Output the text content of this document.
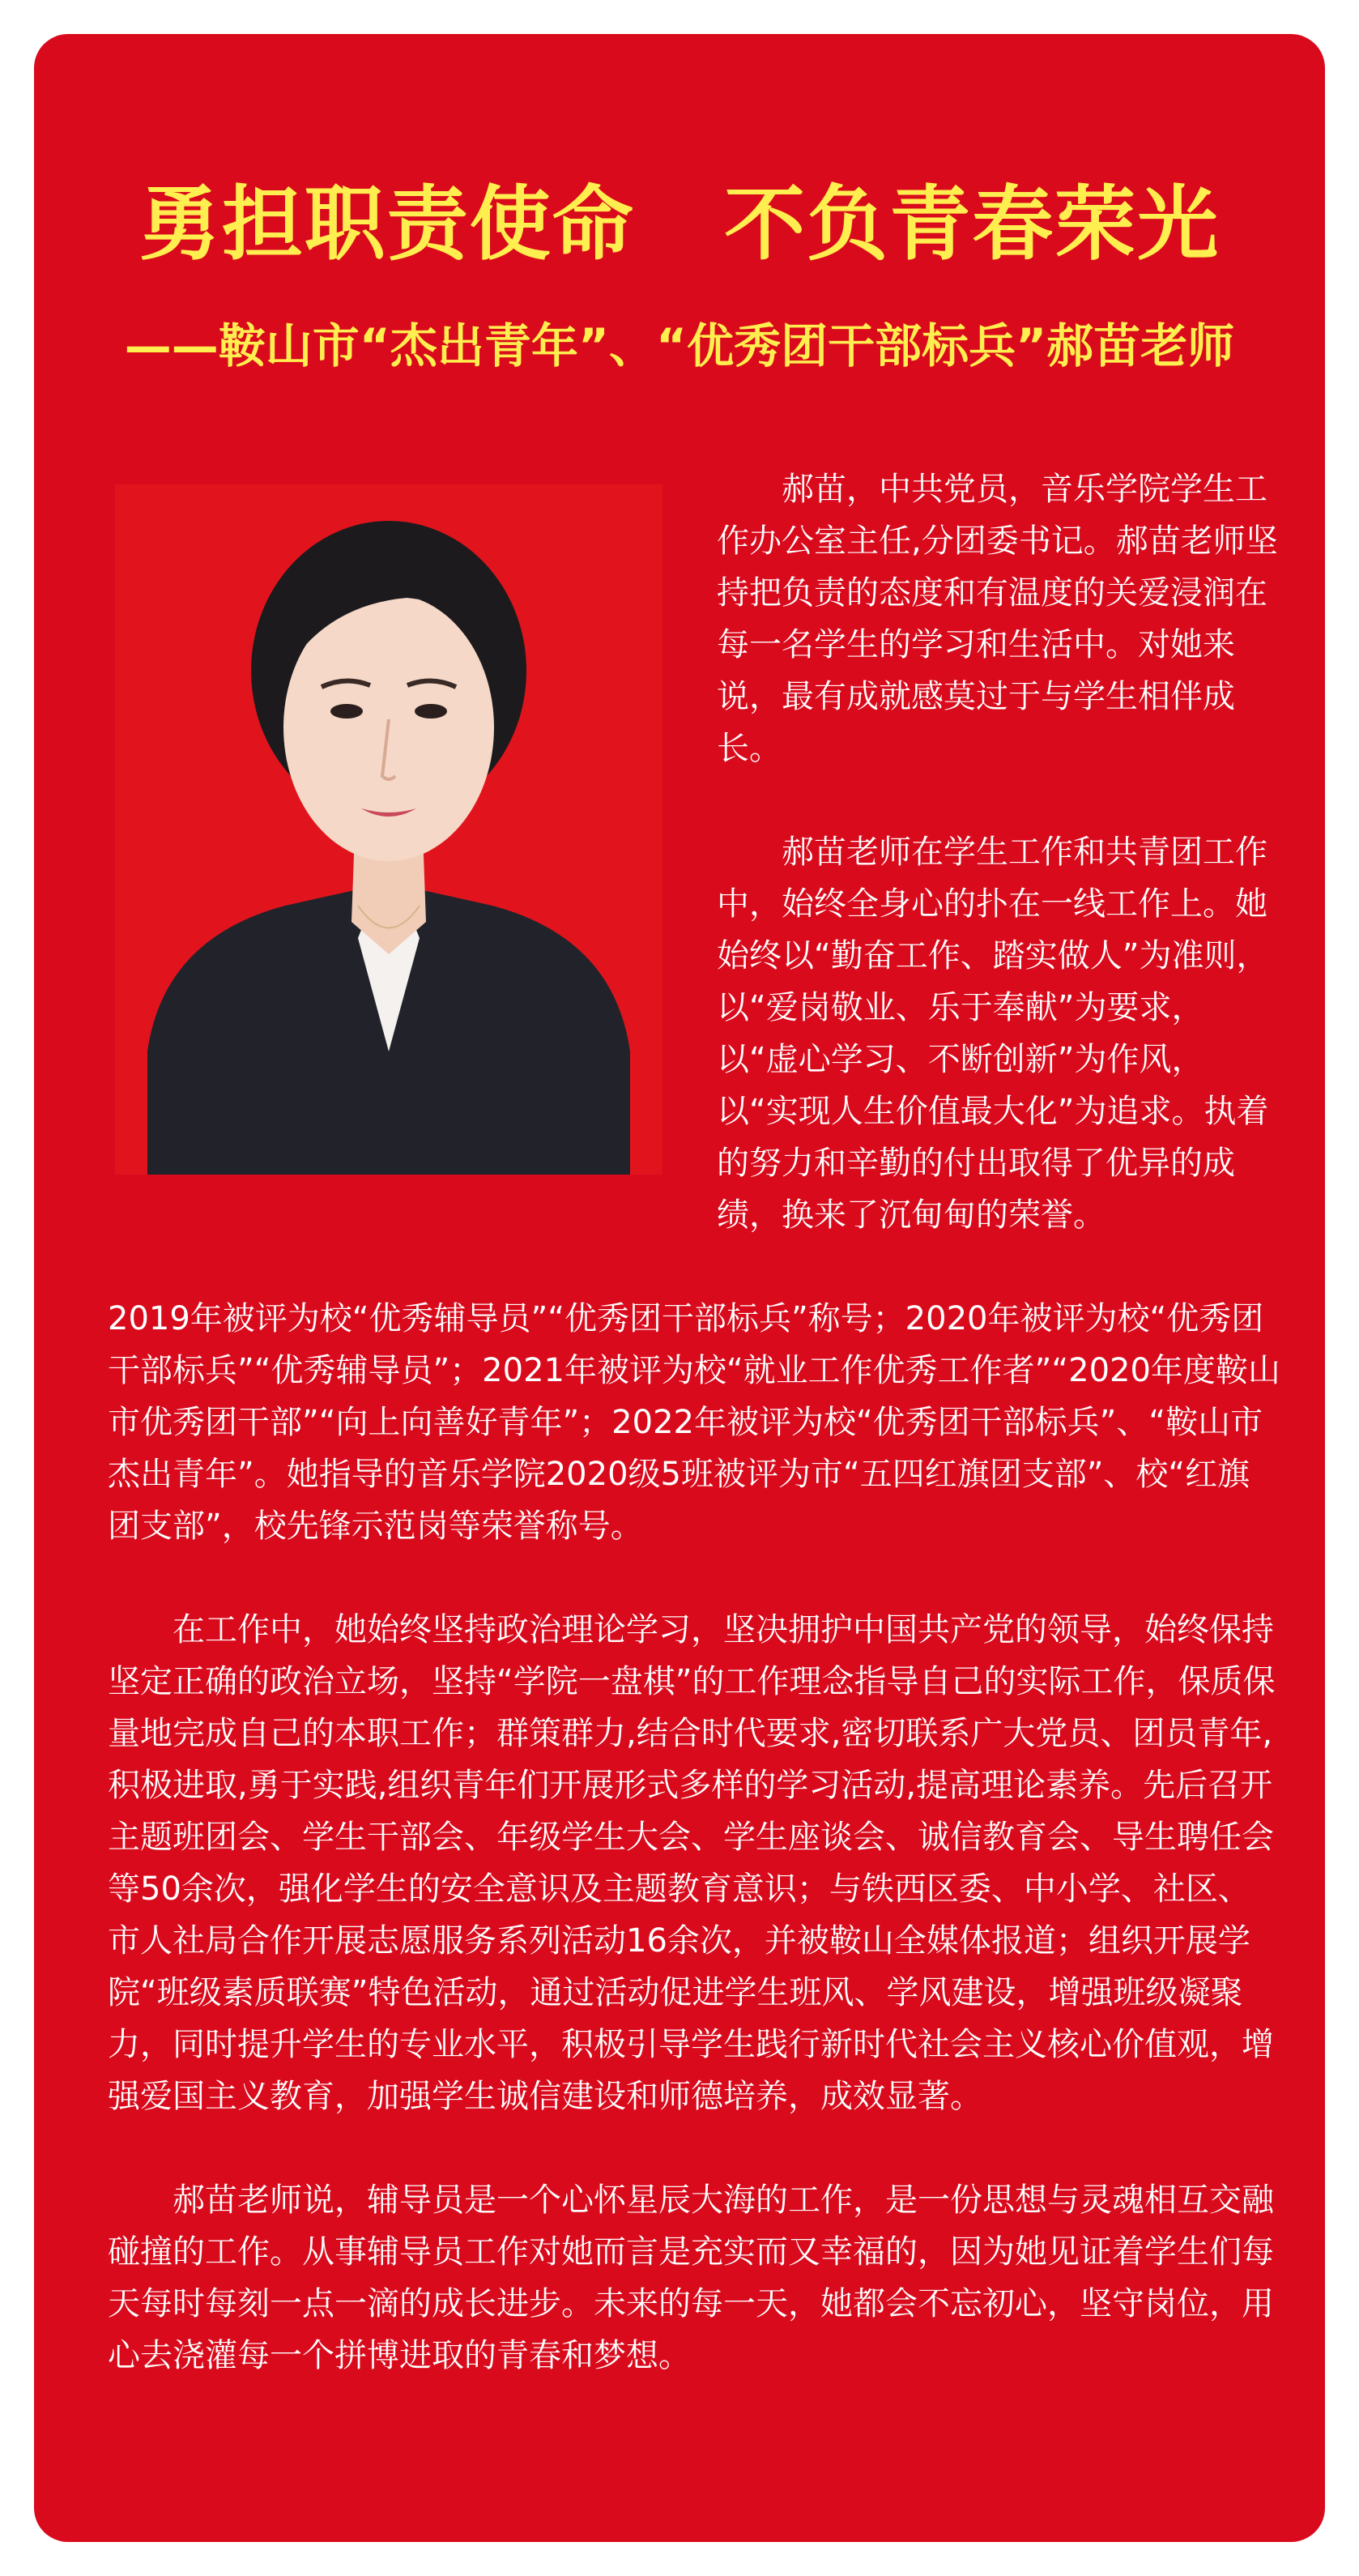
勇担职责使命   不负青春荣光
——鞍山市“杰出青年”、“优秀团干部标兵”郝苗老师

郝苗，中共党员，音乐学院学生工作办公室主任,分团委书记。郝苗老师坚持把负责的态度和有温度的关爱浸润在每一名学生的学习和生活中。对她来说，最有成就感莫过于与学生相伴成长。

郝苗老师在学生工作和共青团工作中，始终全身心的扑在一线工作上。她始终以“勤奋工作、踏实做人”为准则，以“爱岗敬业、乐于奉献”为要求，以“虚心学习、不断创新”为作风，以“实现人生价值最大化”为追求。执着的努力和辛勤的付出取得了优异的成绩，换来了沉甸甸的荣誉。

2019年被评为校“优秀辅导员”“优秀团干部标兵”称号；2020年被评为校“优秀团干部标兵”“优秀辅导员”；2021年被评为校“就业工作优秀工作者”“2020年度鞍山市优秀团干部”“向上向善好青年”；2022年被评为校“优秀团干部标兵”、“鞍山市杰出青年”。她指导的音乐学院2020级5班被评为市“五四红旗团支部”、校“红旗团支部”，校先锋示范岗等荣誉称号。

在工作中，她始终坚持政治理论学习，坚决拥护中国共产党的领导，始终保持坚定正确的政治立场，坚持“学院一盘棋”的工作理念指导自己的实际工作，保质保量地完成自己的本职工作；群策群力,结合时代要求,密切联系广大党员、团员青年,积极进取,勇于实践,组织青年们开展形式多样的学习活动,提高理论素养。先后召开主题班团会、学生干部会、年级学生大会、学生座谈会、诚信教育会、导生聘任会等50余次，强化学生的安全意识及主题教育意识；与铁西区委、中小学、社区、市人社局合作开展志愿服务系列活动16余次，并被鞍山全媒体报道；组织开展学院“班级素质联赛”特色活动，通过活动促进学生班风、学风建设，增强班级凝聚力，同时提升学生的专业水平，积极引导学生践行新时代社会主义核心价值观，增强爱国主义教育，加强学生诚信建设和师德培养，成效显著。

郝苗老师说，辅导员是一个心怀星辰大海的工作，是一份思想与灵魂相互交融碰撞的工作。从事辅导员工作对她而言是充实而又幸福的，因为她见证着学生们每天每时每刻一点一滴的成长进步。未来的每一天，她都会不忘初心，坚守岗位，用心去浇灌每一个拼博进取的青春和梦想。
